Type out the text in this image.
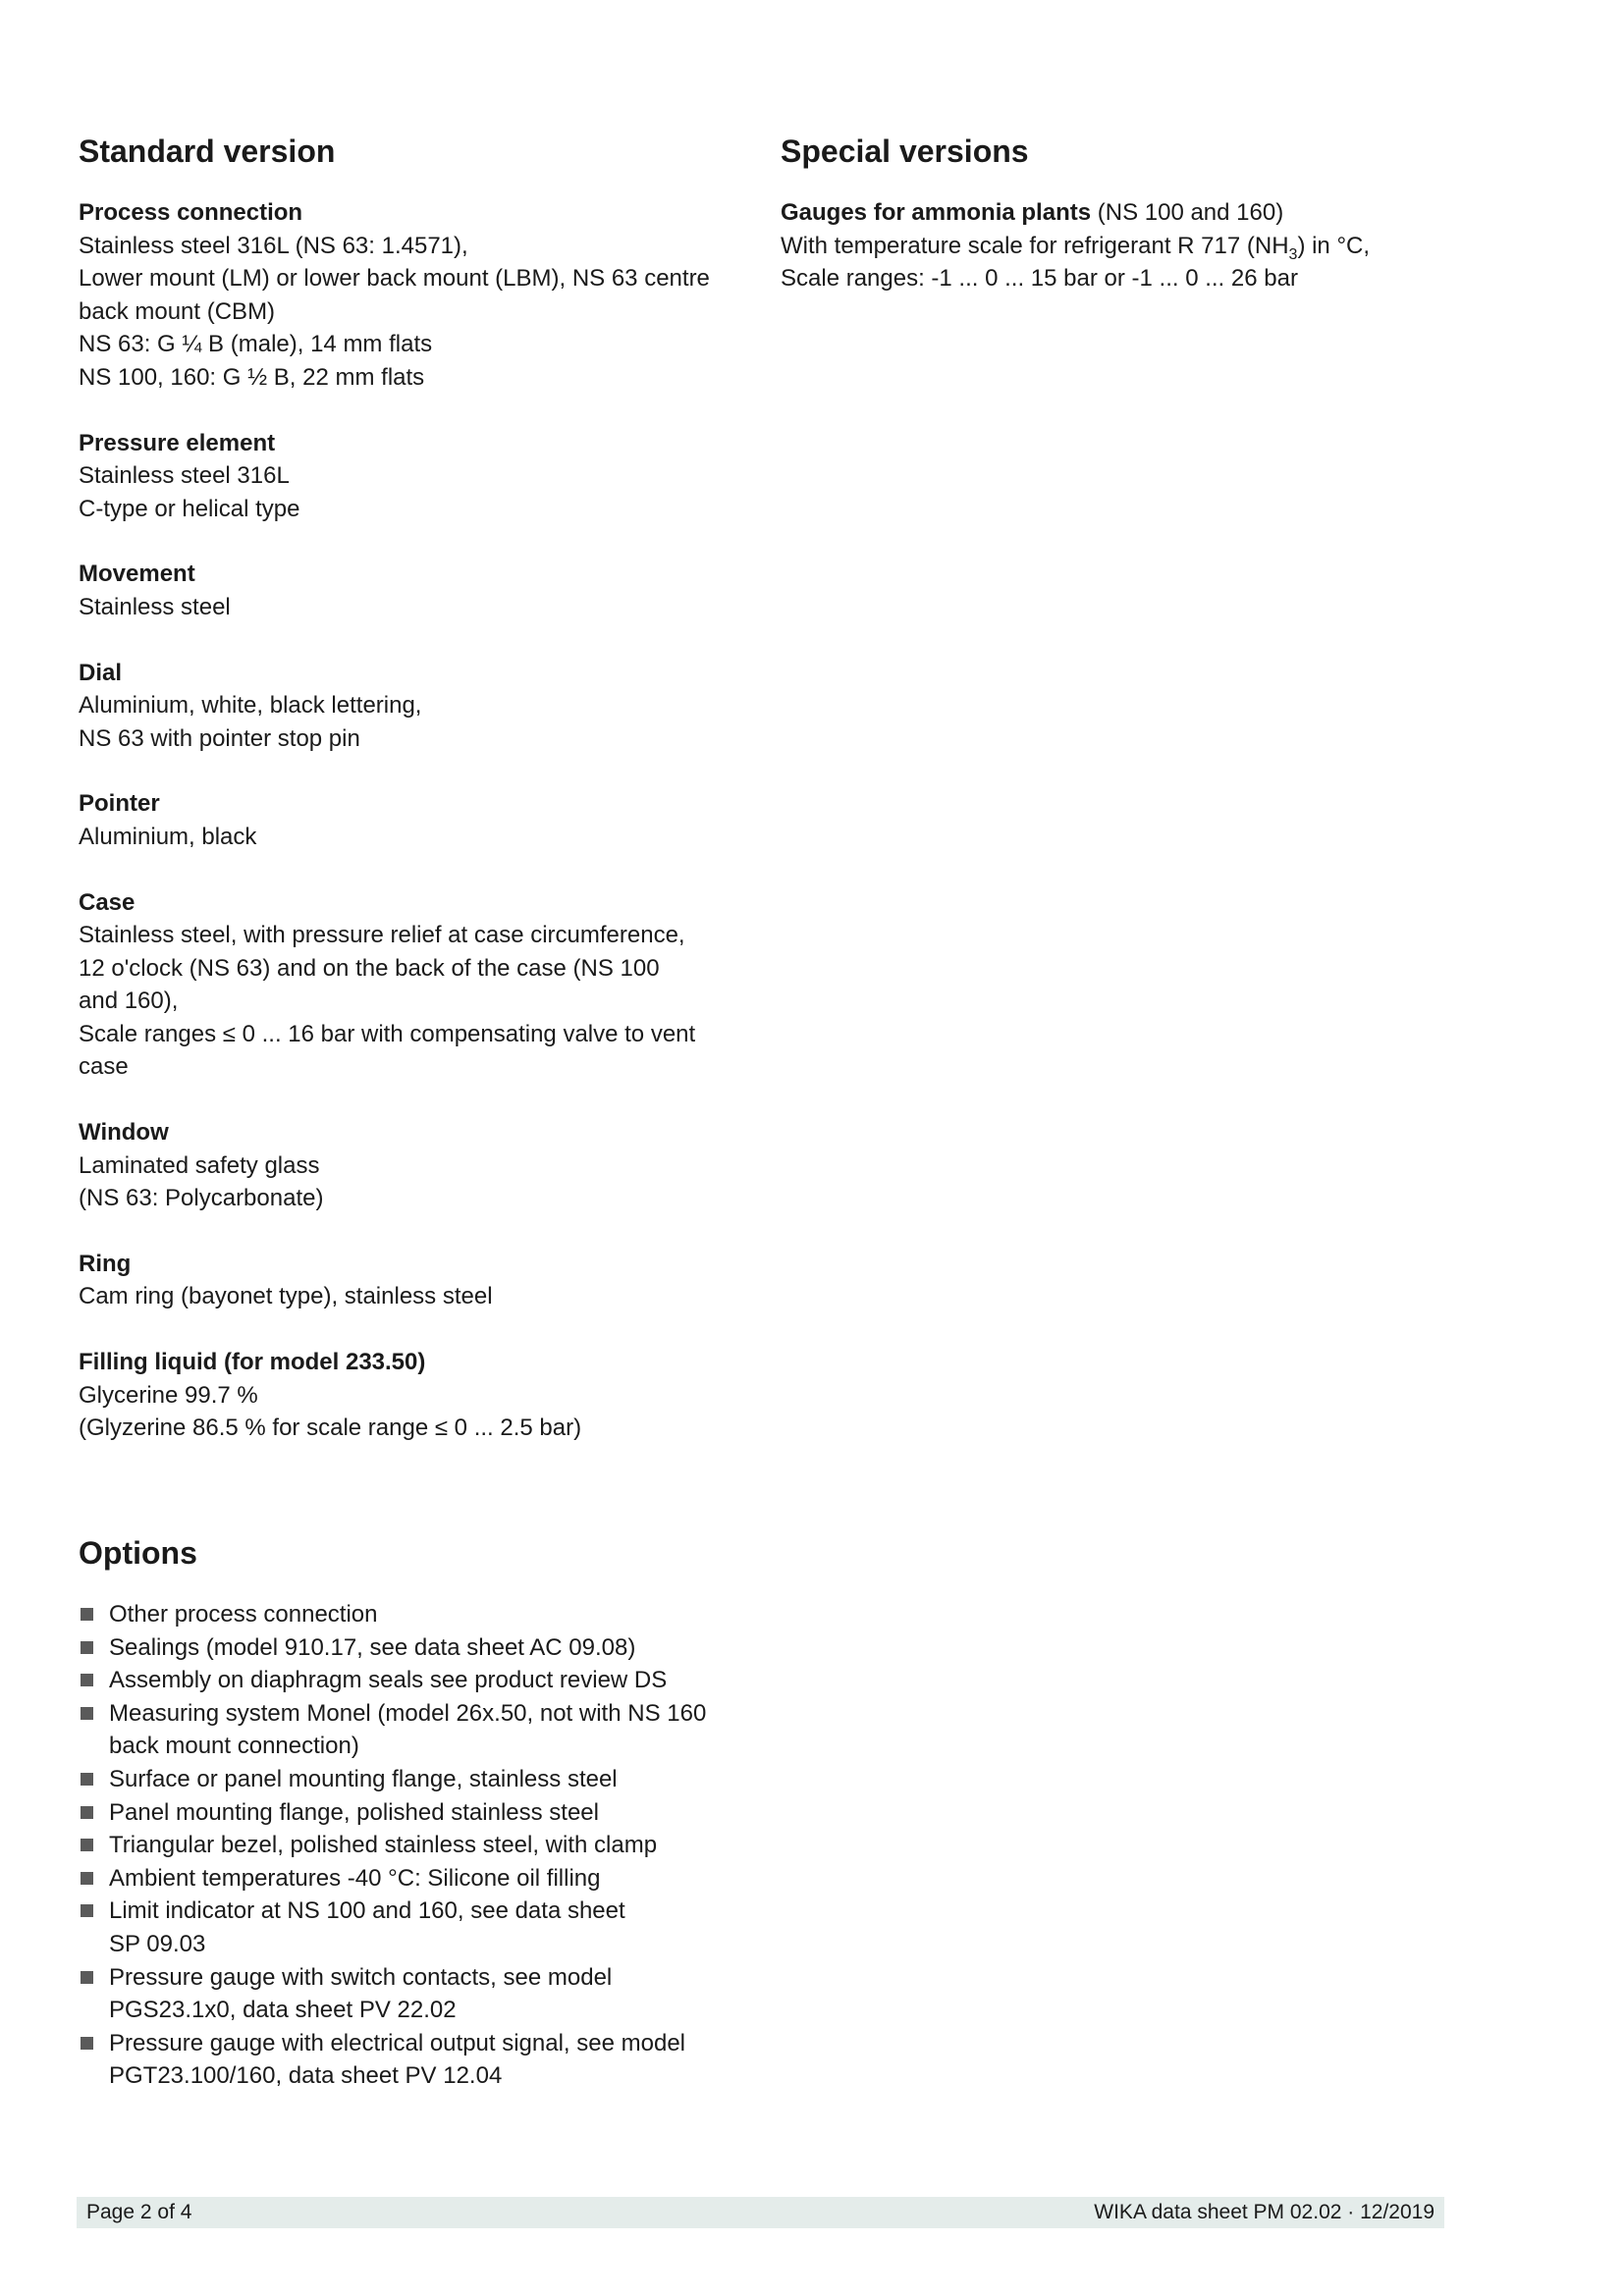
Standard version
Process connection
Stainless steel 316L (NS 63: 1.4571),
Lower mount (LM) or lower back mount (LBM), NS 63 centre
back mount (CBM)
NS 63: G ¼ B (male), 14 mm flats
NS 100, 160: G ½ B, 22 mm flats
Pressure element
Stainless steel 316L
C-type or helical type
Movement
Stainless steel
Dial
Aluminium, white, black lettering,
NS 63 with pointer stop pin
Pointer
Aluminium, black
Case
Stainless steel, with pressure relief at case circumference,
12 o'clock (NS 63) and on the back of the case (NS 100
and 160),
Scale ranges ≤ 0 ... 16 bar with compensating valve to vent
case
Window
Laminated safety glass
(NS 63: Polycarbonate)
Ring
Cam ring (bayonet type), stainless steel
Filling liquid (for model 233.50)
Glycerine 99.7 %
(Glyzerine 86.5 % for scale range ≤ 0 ... 2.5 bar)
Special versions
Gauges for ammonia plants (NS 100 and 160)
With temperature scale for refrigerant R 717 $(NH_3)$ in °C,
Scale ranges: -1 ... 0 ... 15 bar or -1 ... 0 ... 26 bar
Options
Other process connection
Sealings (model 910.17, see data sheet AC 09.08)
Assembly on diaphragm seals see product review DS
Measuring system Monel (model 26x.50, not with NS 160
back mount connection)
Surface or panel mounting flange, stainless steel
Panel mounting flange, polished stainless steel
Triangular bezel, polished stainless steel, with clamp
Ambient temperatures -40 °C: Silicone oil filling
Limit indicator at NS 100 and 160, see data sheet
SP 09.03
Pressure gauge with switch contacts, see model
PGS23.1x0, data sheet PV 22.02
Pressure gauge with electrical output signal, see model
PGT23.100/160, data sheet PV 12.04
Page 2 of 4	WIKA data sheet PM 02.02 · 12/2019
